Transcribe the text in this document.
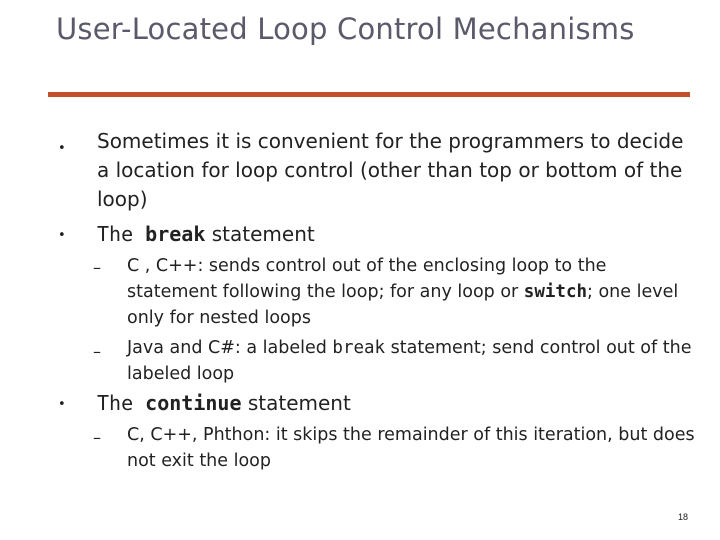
User-Located Loop Control Mechanisms
• Sometimes it is convenient for the programmers to decide a location for loop control (other than top or bottom of the loop)
• The break statement
– C , C++: sends control out of the enclosing loop to the statement following the loop; for any loop or switch; one level only for nested loops
– Java and C#: a labeled break statement; send control out of the labeled loop
• The continue statement
– C, C++, Phthon: it skips the remainder of this iteration, but does not exit the loop
18
